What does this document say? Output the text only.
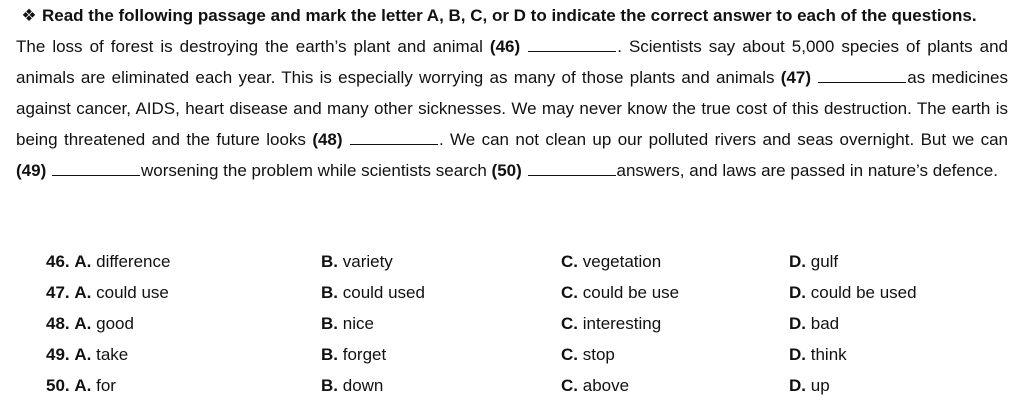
❖ Read the following passage and mark the letter A, B, C, or D to indicate the correct answer to each of the questions.

The loss of forest is destroying the earth’s plant and animal (46)	. Scientists say about 5,000 species of plants and animals are eliminated each year. This is especially worrying as many of those plants and animals (47)	as medicines against cancer, AIDS, heart disease and many other sicknesses. We may never know the true cost of this destruction. The earth is being threatened and the future looks (48)	. We can not clean up our polluted rivers and seas overnight. But we can (49)	worsening the problem while scientists search (50)	answers, and laws are passed in nature’s defence.

46. A. difference	B. variety	C. vegetation	D. gulf
47. A. could use	B. could used	C. could be use	D. could be used
48. A. good	B. nice	C. interesting	D. bad
49. A. take	B. forget	C. stop	D. think
50. A. for	B. down	C. above	D. up
